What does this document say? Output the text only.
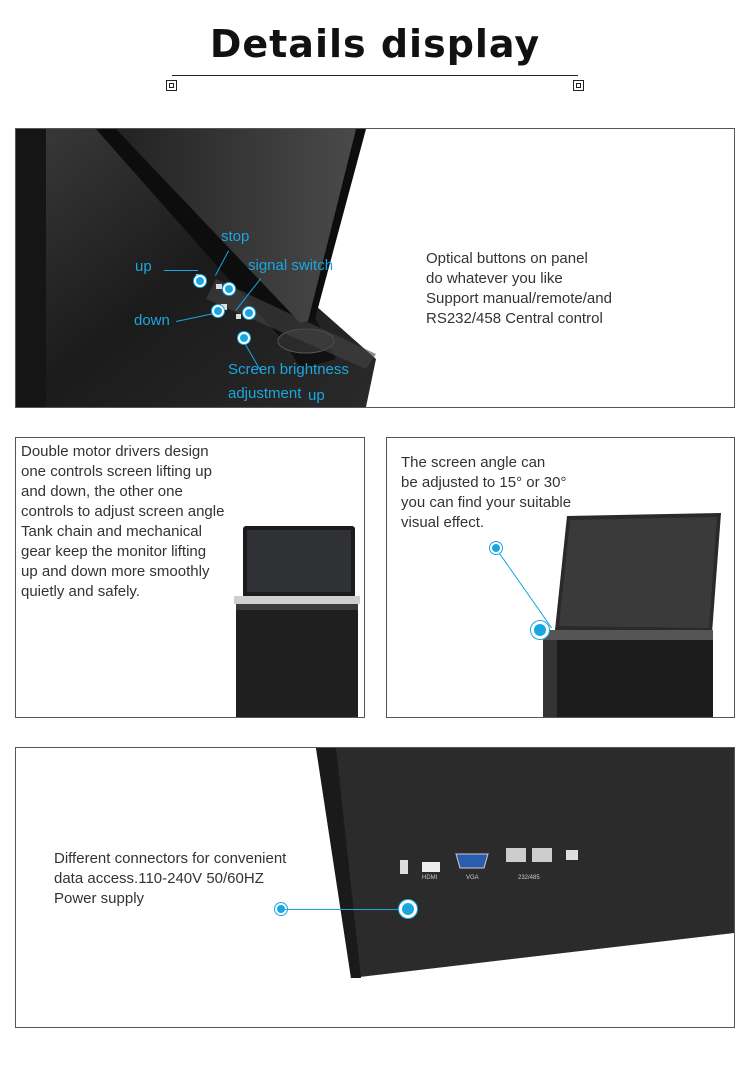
Details display
stop
up	signal switch
down
Screen brightness
adjustment up
Optical buttons on panel
do whatever you like
Support manual/remote/and
RS232/458 Central control
Double motor drivers design
one controls screen lifting up
and down, the other one
controls to adjust screen angle
Tank chain and mechanical
gear keep the monitor lifting
up and down more smoothly
quietly and safely.
The screen angle can
be adjusted to 15° or 30°
you can find your suitable
visual effect.
HDMI	VGA	232/485
Different connectors for convenient
data access.110-240V 50/60HZ
Power supply
